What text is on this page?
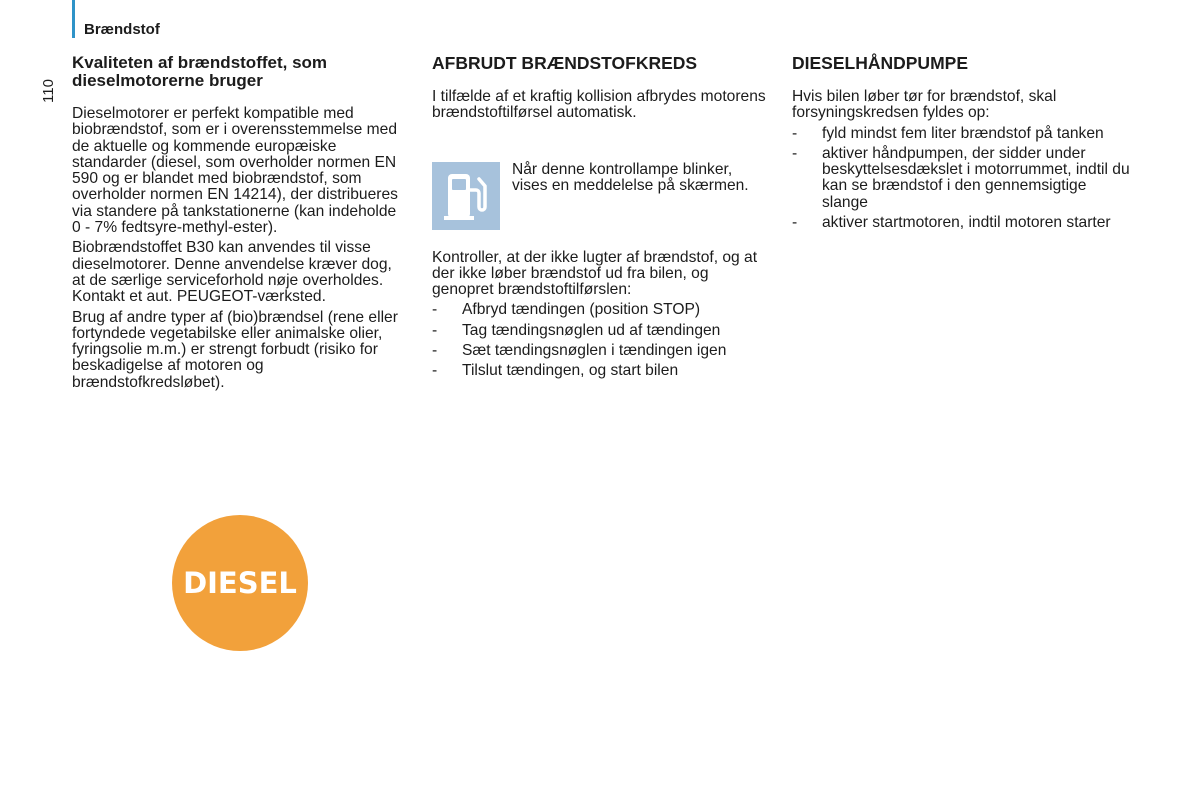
Brændstof
110
Kvaliteten af brændstoffet, som dieselmotorerne bruger

Dieselmotorer er perfekt kompatible med biobrændstof, som er i overensstemmelse med de aktuelle og kommende europæiske standarder (diesel, som overholder normen EN 590 og er blandet med biobrændstof, som overholder normen EN 14214), der distribueres via standere på tankstationerne (kan indeholde 0 - 7% fedtsyre-methyl-ester).

Biobrændstoffet B30 kan anvendes til visse dieselmotorer. Denne anvendelse kræver dog, at de særlige serviceforhold nøje overholdes. Kontakt et aut. PEUGEOT-værksted.

Brug af andre typer af (bio)brændsel (rene eller fortyndede vegetabilske eller animalske olier, fyringsolie m.m.) er strengt forbudt (risiko for beskadigelse af motoren og brændstofkredsløbet).

AFBRUDT BRÆNDSTOFKREDS

I tilfælde af et kraftig kollision afbrydes motorens brændstoftilførsel automatisk.

Når denne kontrollampe blinker, vises en meddelelse på skærmen.

Kontroller, at der ikke lugter af brændstof, og at der ikke løber brændstof ud fra bilen, og genopret brændstoftilførslen:

- Afbryd tændingen (position STOP)
- Tag tændingsnøglen ud af tændingen
- Sæt tændingsnøglen i tændingen igen
- Tilslut tændingen, og start bilen
DIESELHÅNDPUMPE

Hvis bilen løber tør for brændstof, skal forsyningskredsen fyldes op:

- fyld mindst fem liter brændstof på tanken
- aktiver håndpumpen, der sidder under beskyttelsesdækslet i motorrummet, indtil du kan se brændstof i den gennemsigtige slange
- aktiver startmotoren, indtil motoren starter
DIESEL
